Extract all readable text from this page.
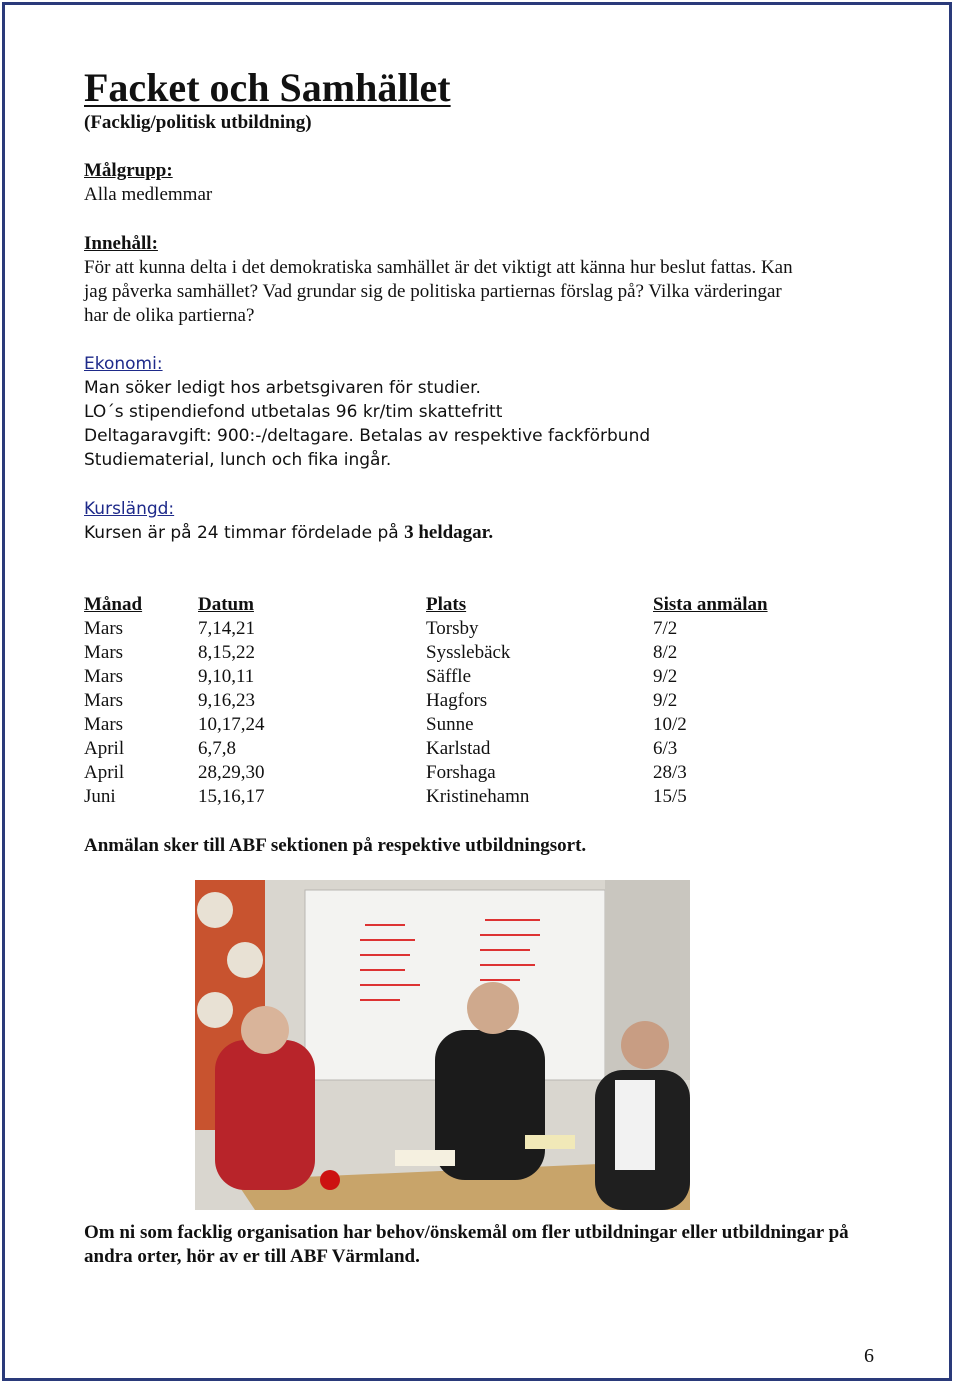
Facket och Samhället
(Facklig/politisk utbildning)
Målgrupp:
Alla medlemmar
Innehåll:
För att kunna delta i det demokratiska samhället är det viktigt att känna hur beslut fattas. Kan
jag påverka samhället? Vad grundar sig de politiska partiernas förslag på? Vilka värderingar
har de olika partierna?
Ekonomi:
Man söker ledigt hos arbetsgivaren för studier.
LO´s stipendiefond utbetalas 96 kr/tim skattefritt
Deltagaravgift: 900:-/deltagare. Betalas av respektive fackförbund
Studiematerial, lunch och fika ingår.
Kurslängd:
Kursen är på 24 timmar fördelade på 3 heldagar.
Månad	Datum	Plats	Sista anmälan
Mars	7,14,21	Torsby	7/2
Mars	8,15,22	Sysslebäck	8/2
Mars	9,10,11	Säffle	9/2
Mars	9,16,23	Hagfors	9/2
Mars	10,17,24	Sunne	10/2
April	6,7,8	Karlstad	6/3
April	28,29,30	Forshaga	28/3
Juni	15,16,17	Kristinehamn	15/5
Anmälan sker till ABF sektionen på respektive utbildningsort.
Om ni som facklig organisation har behov/önskemål om fler utbildningar eller utbildningar på andra orter, hör av er till ABF Värmland.
6
